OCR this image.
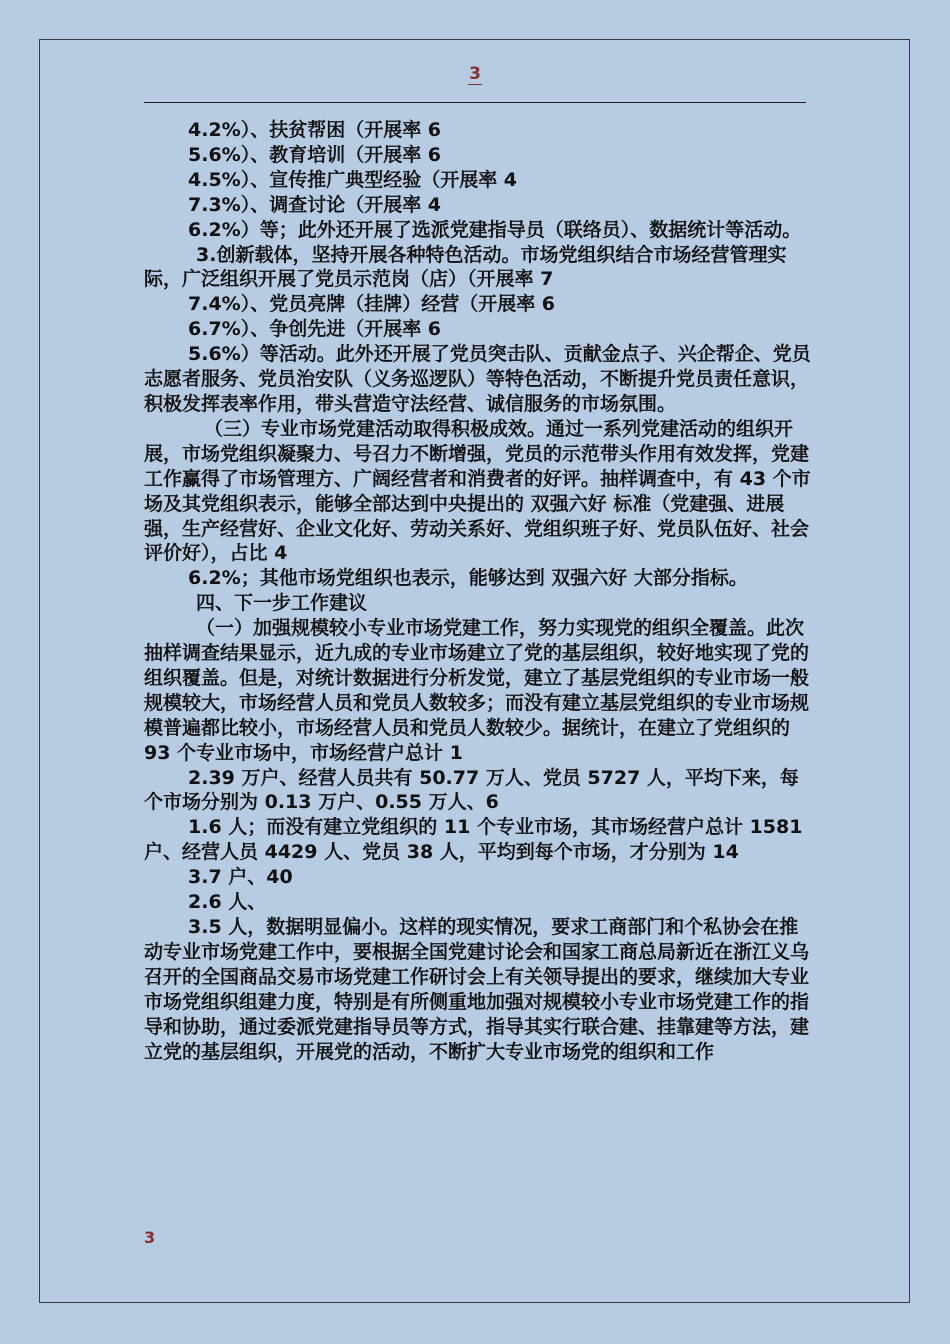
3

4.2%）、扶贫帮困（开展率 6

5.6%）、教育培训（开展率 6

4.5%）、宣传推广典型经验（开展率 4

7.3%）、调查讨论（开展率 4

6.2%）等；此外还开展了选派党建指导员（联络员）、数据统计等活动。

3.创新载体，坚持开展各种特色活动。市场党组织结合市场经营管理实际，广泛组织开展了党员示范岗（店）（开展率 7

7.4%）、党员亮牌（挂牌）经营（开展率 6

6.7%）、争创先进（开展率 6

5.6%）等活动。此外还开展了党员突击队、贡献金点子、兴企帮企、党员志愿者服务、党员治安队（义务巡逻队）等特色活动，不断提升党员责任意识，积极发挥表率作用，带头营造守法经营、诚信服务的市场氛围。

（三）专业市场党建活动取得积极成效。通过一系列党建活动的组织开展，市场党组织凝聚力、号召力不断增强，党员的示范带头作用有效发挥，党建工作赢得了市场管理方、广阔经营者和消费者的好评。抽样调查中，有 43 个市场及其党组织表示，能够全部达到中央提出的 双强六好 标准（党建强、进展强，生产经营好、企业文化好、劳动关系好、党组织班子好、党员队伍好、社会评价好），占比 4

6.2%；其他市场党组织也表示，能够达到 双强六好 大部分指标。

四、下一步工作建议

（一）加强规模较小专业市场党建工作，努力实现党的组织全覆盖。此次抽样调查结果显示，近九成的专业市场建立了党的基层组织，较好地实现了党的组织覆盖。但是，对统计数据进行分析发觉，建立了基层党组织的专业市场一般规模较大，市场经营人员和党员人数较多；而没有建立基层党组织的专业市场规模普遍都比较小，市场经营人员和党员人数较少。据统计，在建立了党组织的 93 个专业市场中，市场经营户总计 1

2.39 万户、经营人员共有 50.77 万人、党员 5727 人，平均下来，每个市场分别为 0.13 万户、0.55 万人、6

1.6 人；而没有建立党组织的 11 个专业市场，其市场经营户总计 1581 户、经营人员 4429 人、党员 38 人，平均到每个市场，才分别为 14

3.7 户、40

2.6 人、

3.5 人，数据明显偏小。这样的现实情况，要求工商部门和个私协会在推动专业市场党建工作中，要根据全国党建讨论会和国家工商总局新近在浙江义乌召开的全国商品交易市场党建工作研讨会上有关领导提出的要求，继续加大专业市场党组织组建力度，特别是有所侧重地加强对规模较小专业市场党建工作的指导和协助，通过委派党建指导员等方式，指导其实行联合建、挂靠建等方法，建立党的基层组织，开展党的活动，不断扩大专业市场党的组织和工作

3
